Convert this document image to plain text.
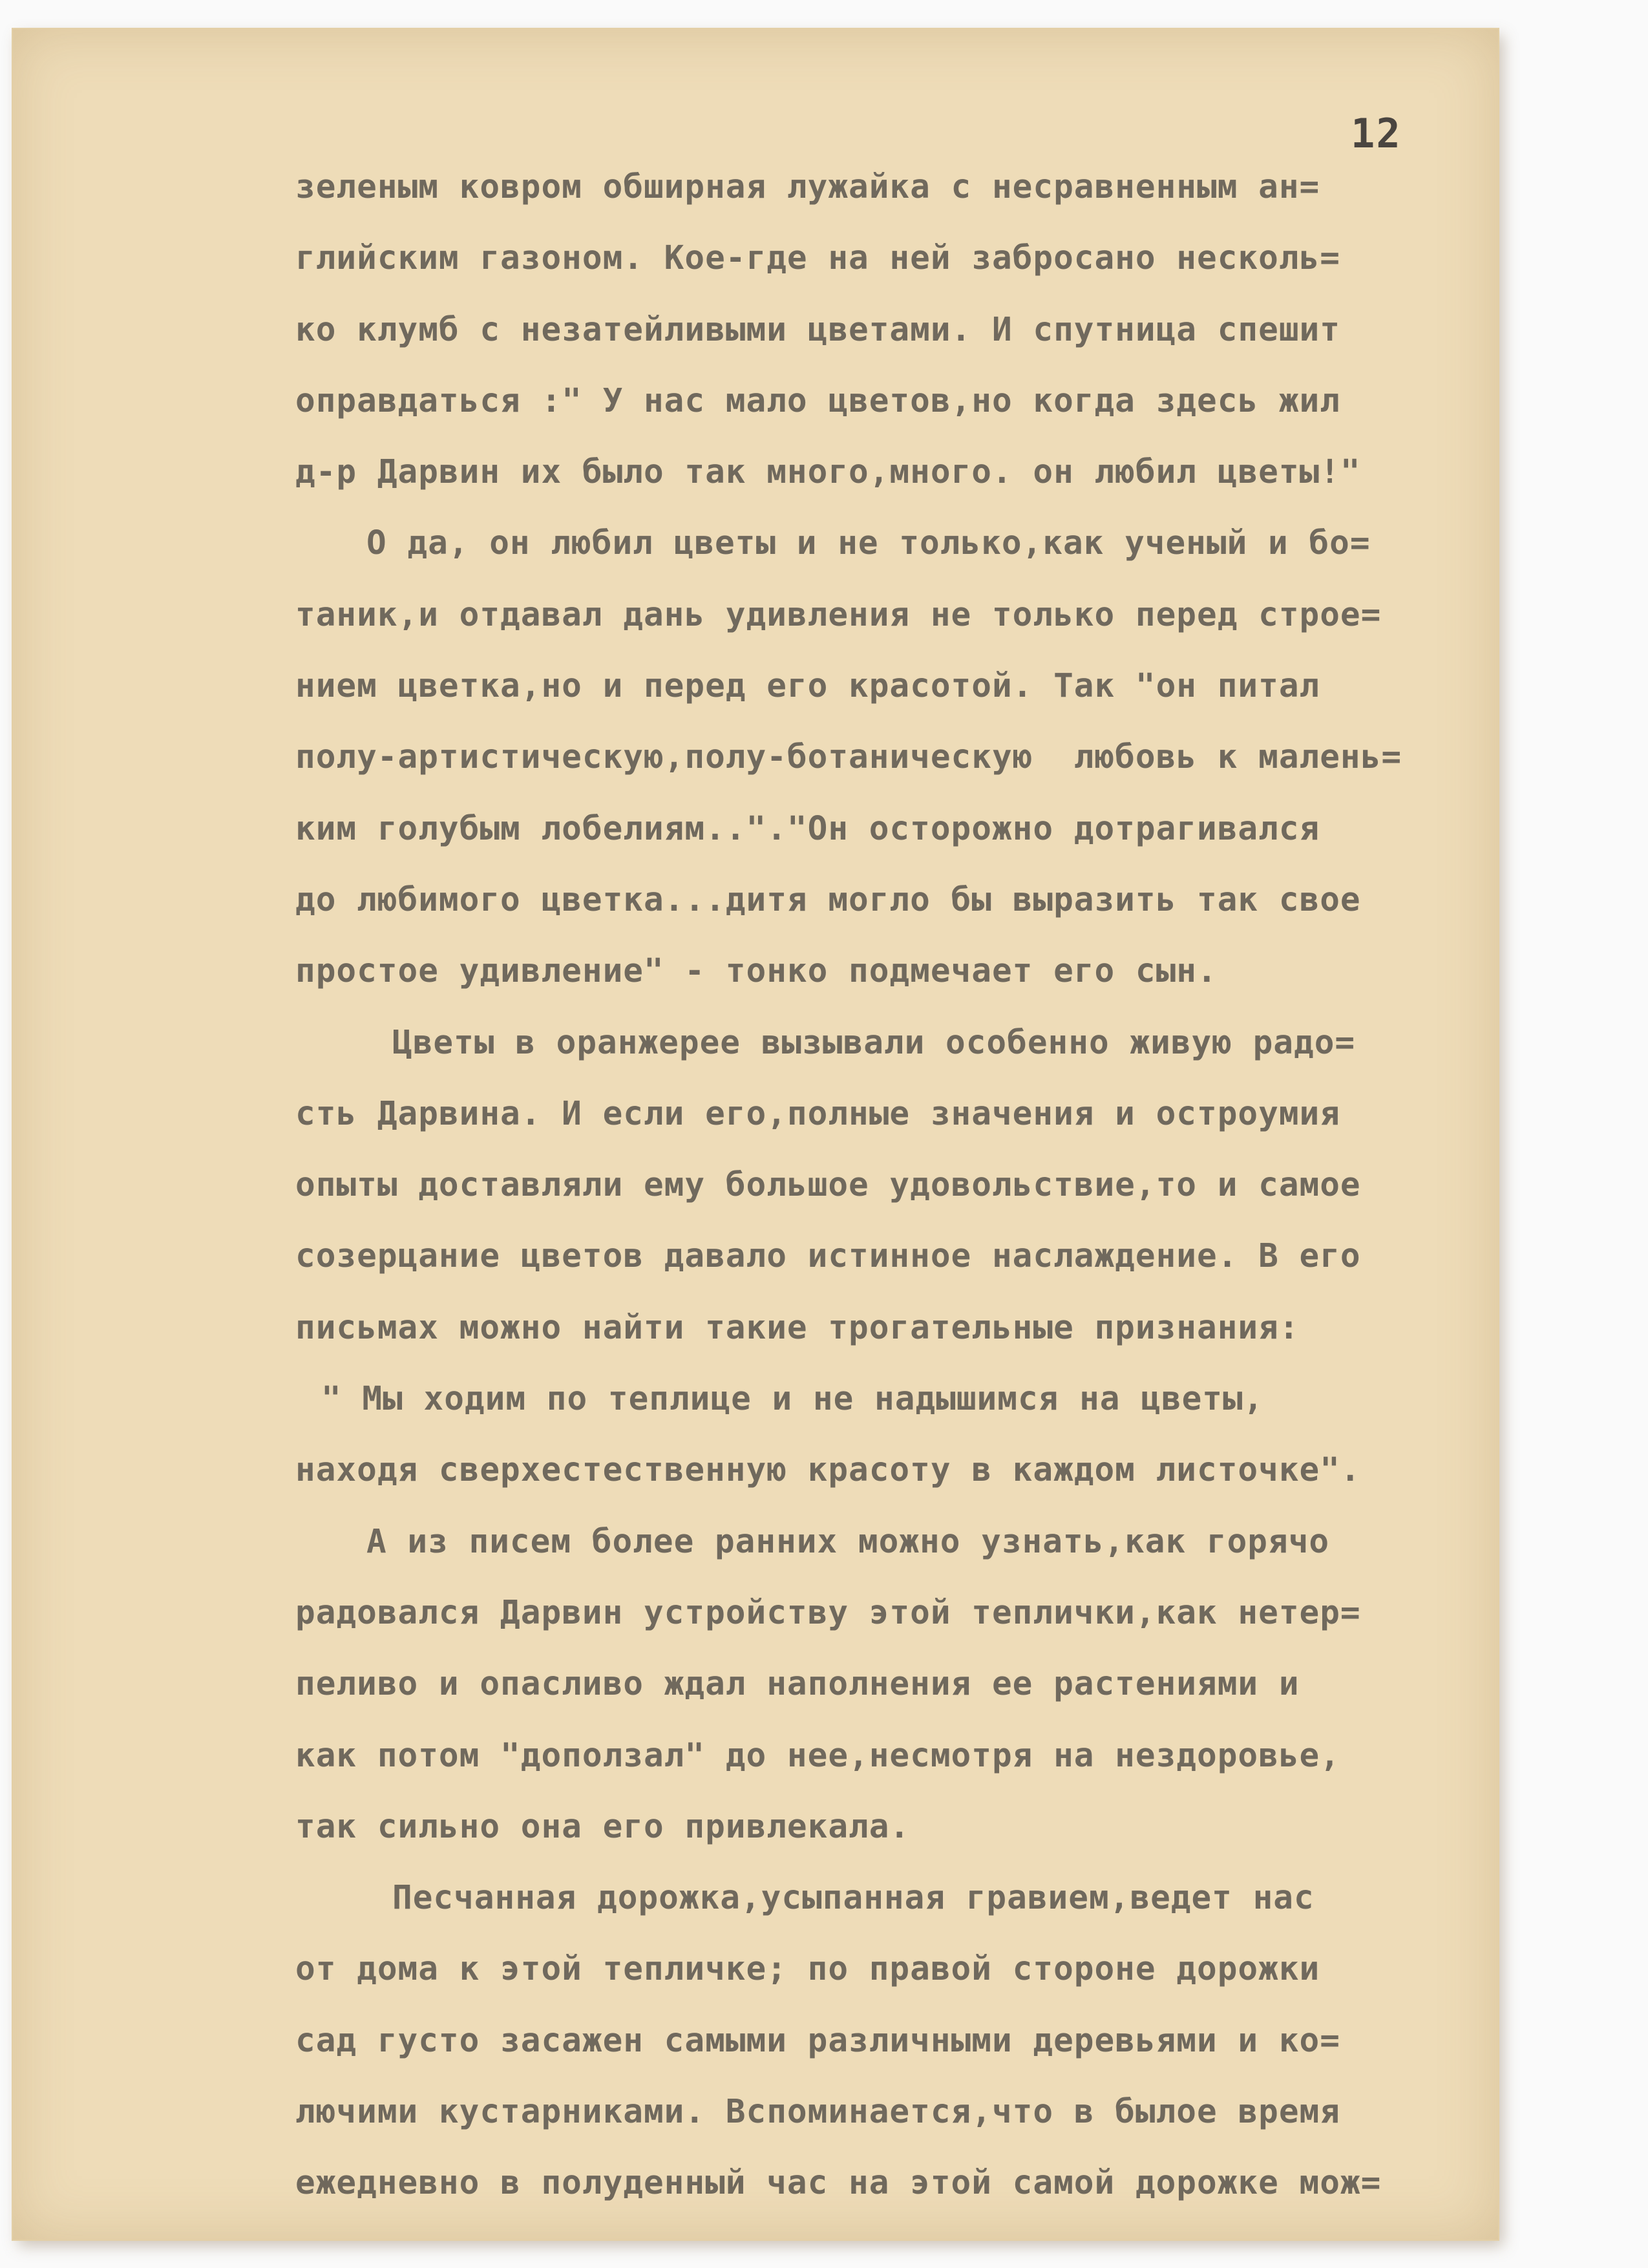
12
зеленым ковром обширная лужайка с несравненным ан=
глийским газоном. Кое-где на ней заброcано несколь=
ко клумб с незатейливыми цветами. И спутница спешит
оправдаться :" У нас мало цветов,но когда здесь жил
д-р Дарвин их было так много,много. он любил цветы!"
О да, он любил цветы и не только,как ученый и бо=
таник,и отдавал дань удивления не только перед строе=
нием цветка,но и перед его красотой. Так "он питал
полу-артистическую,полу-ботаническую  любовь к малень=
ким голубым лобелиям.."."Он осторожно дотрагивался
до любимого цветка...дитя могло бы выразить так свое
простое удивление" - тонко подмечает его сын.
Цветы в оранжерее вызывали особенно живую радо=
сть Дарвина. И если его,полные значения и остроумия
опыты доставляли ему большое удовольствие,то и самое
созерцание цветов давало истинное наслаждение. В его
письмах можно найти такие трогательные признания:
" Мы ходим по теплице и не надышимся на цветы,
находя сверхестественную красоту в каждом листочке".
А из писем более ранних можно узнать,как горячо
радовался Дарвин устройству этой теплички,как нетер=
пеливо и опасливо ждал наполнения ее растениями и
как потом "доползал" до нее,несмотря на нездоровье,
так сильно она его привлекала.
Песчанная дорожка,усыпанная гравием,ведет нас
от дома к этой тепличке; по правой стороне дорожки
сад густо засажен самыми различными деревьями и ко=
лючими кустарниками. Вспоминается,что в былое время
ежедневно в полуденный час на этой самой дорожке мож=
